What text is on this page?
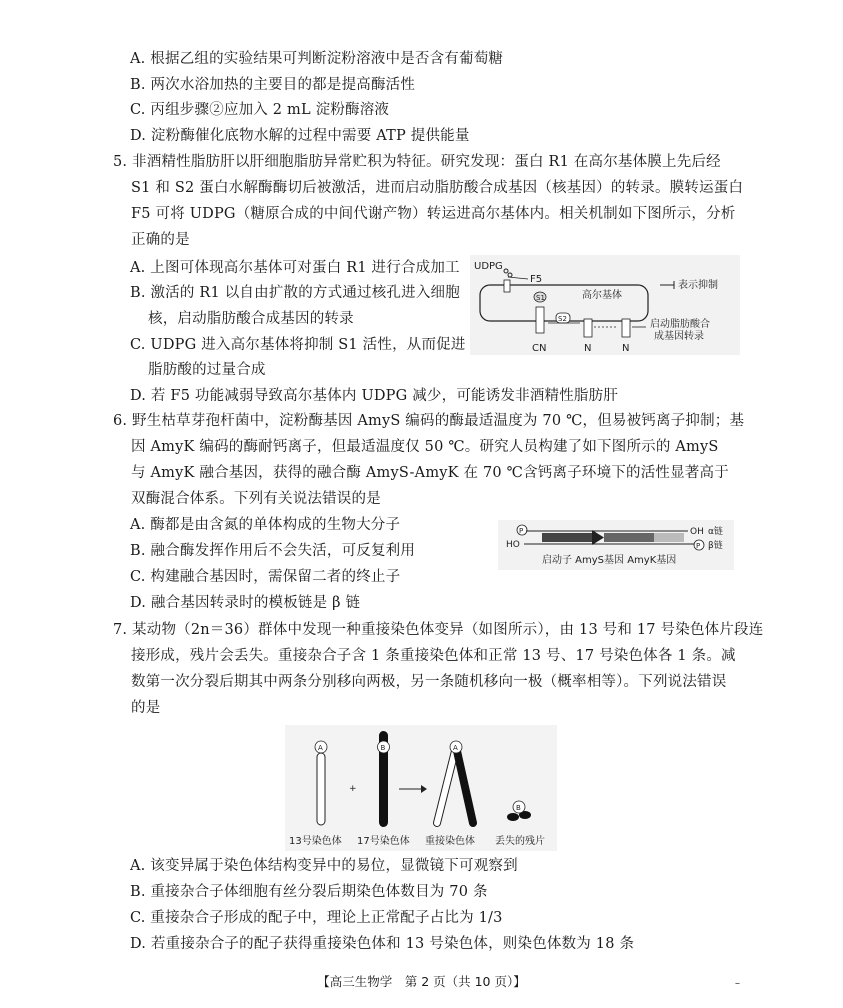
A. 根据乙组的实验结果可判断淀粉溶液中是否含有葡萄糖
B. 两次水浴加热的主要目的都是提高酶活性
C. 丙组步骤②应加入 2 mL 淀粉酶溶液
D. 淀粉酶催化底物水解的过程中需要 ATP 提供能量
5. 非酒精性脂肪肝以肝细胞脂肪异常贮积为特征。研究发现：蛋白 R1 在高尔基体膜上先后经
S1 和 S2 蛋白水解酶酶切后被激活，进而启动脂肪酸合成基因（核基因）的转录。膜转运蛋白
F5 可将 UDPG（糖原合成的中间代谢产物）转运进高尔基体内。相关机制如下图所示，分析
正确的是
A. 上图可体现高尔基体可对蛋白 R1 进行合成加工
B. 激活的 R1 以自由扩散的方式通过核孔进入细胞
核，启动脂肪酸合成基因的转录
C. UDPG 进入高尔基体将抑制 S1 活性，从而促进
脂肪酸的过量合成
D. 若 F5 功能减弱导致高尔基体内 UDPG 减少，可能诱发非酒精性脂肪肝
UDPG
F5
高尔基体
S1
S2
CN	N	N
表示抑制
启动脂肪酸合
成基因转录
6. 野生枯草芽孢杆菌中，淀粉酶基因 AmyS 编码的酶最适温度为 70 ℃，但易被钙离子抑制；基
因 AmyK 编码的酶耐钙离子，但最适温度仅 50 ℃。研究人员构建了如下图所示的 AmyS
与 AmyK 融合基因，获得的融合酶 AmyS-AmyK 在 70 ℃含钙离子环境下的活性显著高于
双酶混合体系。下列有关说法错误的是
A. 酶都是由含氮的单体构成的生物大分子
B. 融合酶发挥作用后不会失活，可反复利用
C. 构建融合基因时，需保留二者的终止子
D. 融合基因转录时的模板链是 β 链
P
HO
OH α链
P β链
启动子 AmyS基因 AmyK基因
7. 某动物（2n＝36）群体中发现一种重接染色体变异（如图所示），由 13 号和 17 号染色体片段连
接形成，残片会丢失。重接杂合子含 1 条重接染色体和正常 13 号、17 号染色体各 1 条。减
数第一次分裂后期其中两条分别移向两极，另一条随机移向一极（概率相等）。下列说法错误
的是
A
+
B	A
B
13号染色体 17号染色体 重接染色体 丢失的残片
A. 该变异属于染色体结构变异中的易位，显微镜下可观察到
B. 重接杂合子体细胞有丝分裂后期染色体数目为 70 条
C. 重接杂合子形成的配子中，理论上正常配子占比为 1/3
D. 若重接杂合子的配子获得重接染色体和 13 号染色体，则染色体数为 18 条
【高三生物学　第 2 页（共 10 页）】	–
